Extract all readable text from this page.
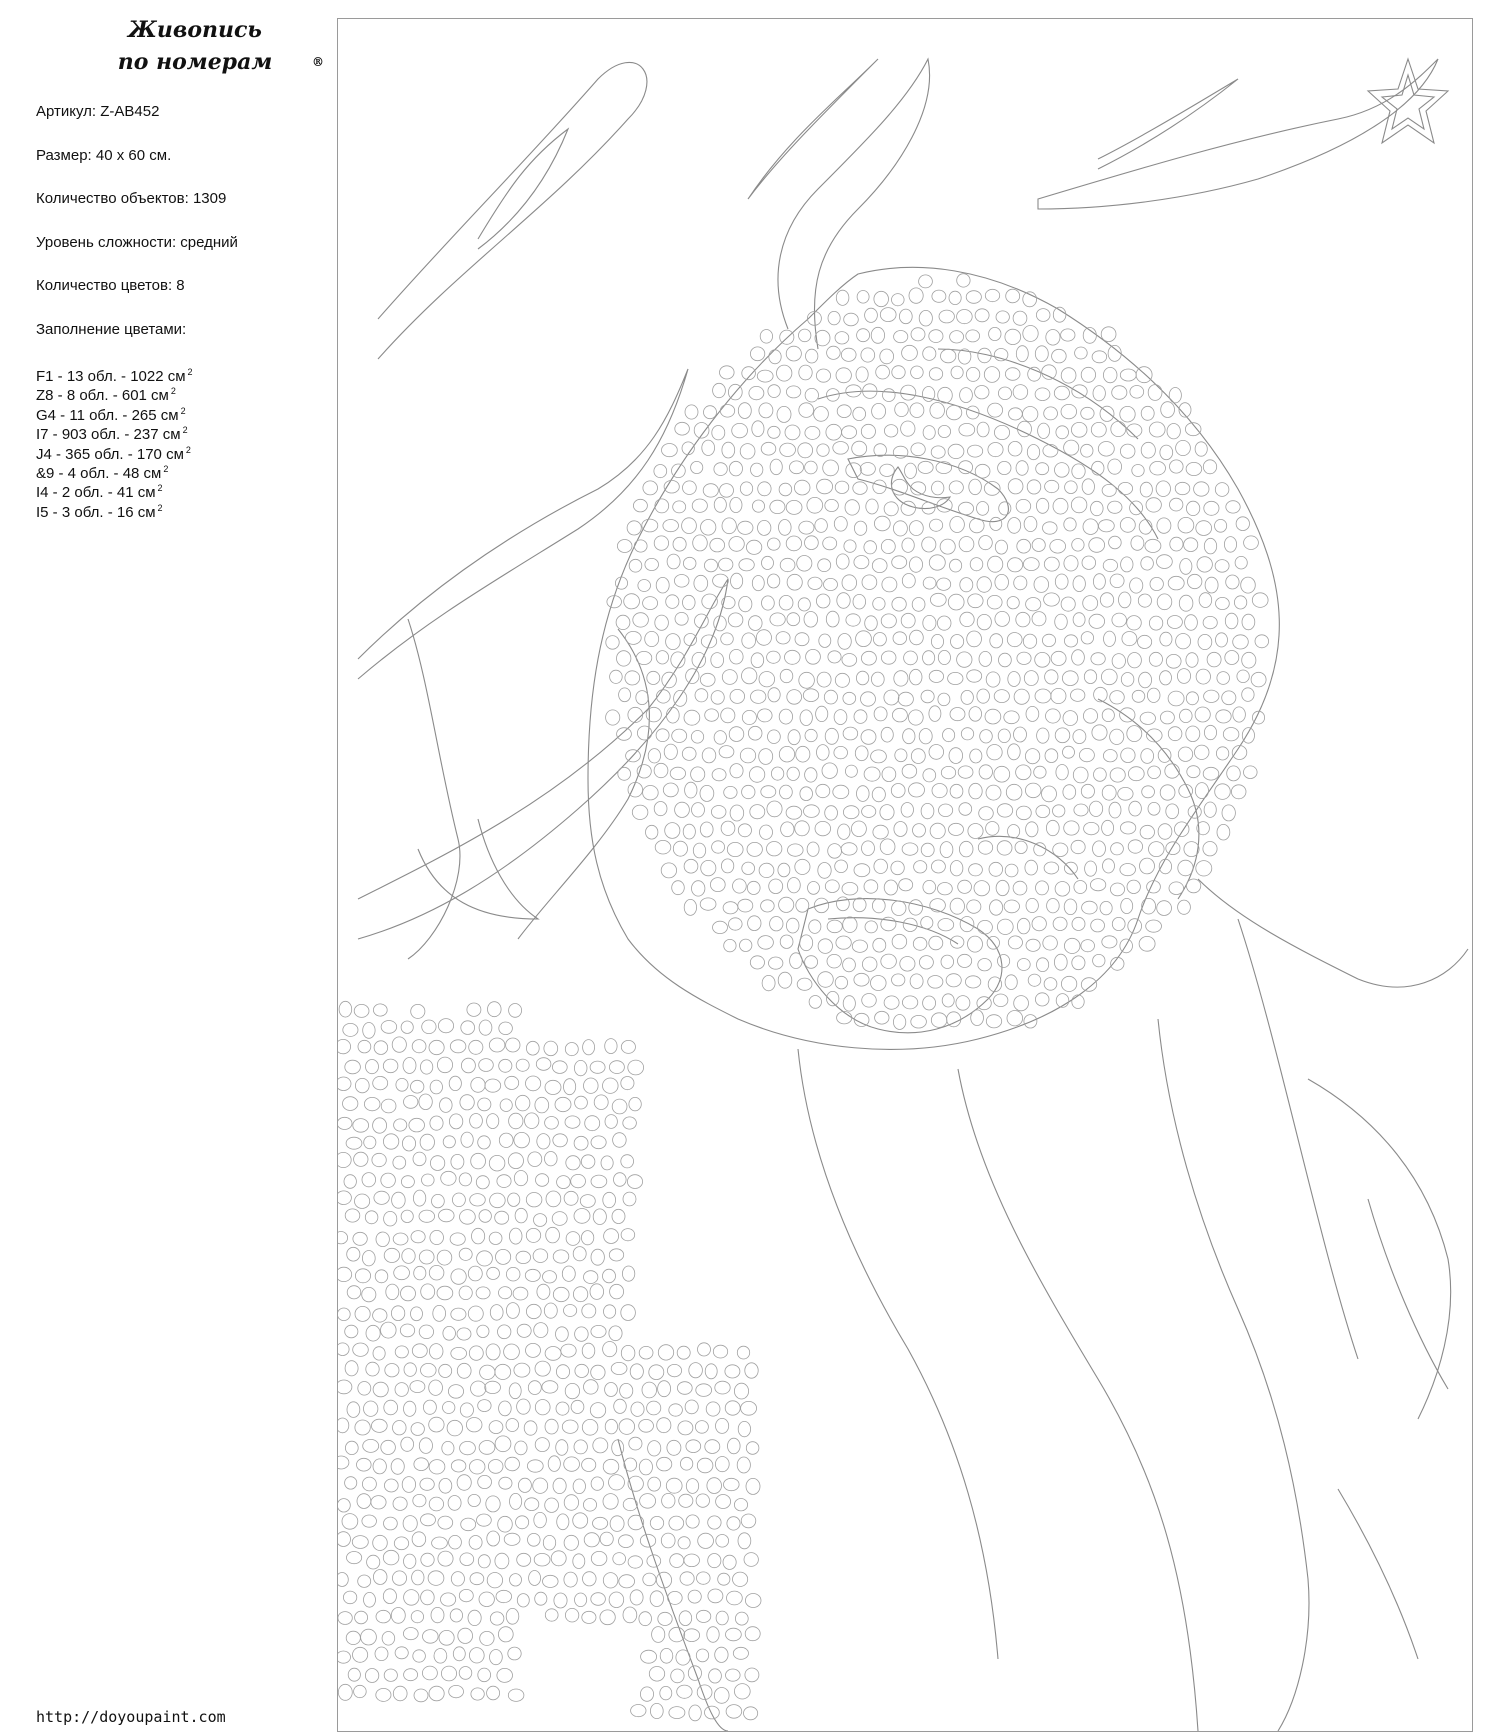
Живопись
по номерам	®
Артикул: Z-AB452
Размер: 40 х 60 см.
Количество объектов: 1309
Уровень сложности: средний
Количество цветов: 8
Заполнение цветами:
F1 - 13 обл. - 1022 см $^2$
Z8 - 8 обл. - 601 см $^2$
G4 - 11 обл. - 265 см $^2$
I7 - 903 обл. - 237 см $^2$
J4 - 365 обл. - 170 см $^2$
&9 - 4 обл. - 48 см $^2$
I4 - 2 обл. - 41 см $^2$
I5 - 3 обл. - 16 см $^2$
http://doyoupaint.com
